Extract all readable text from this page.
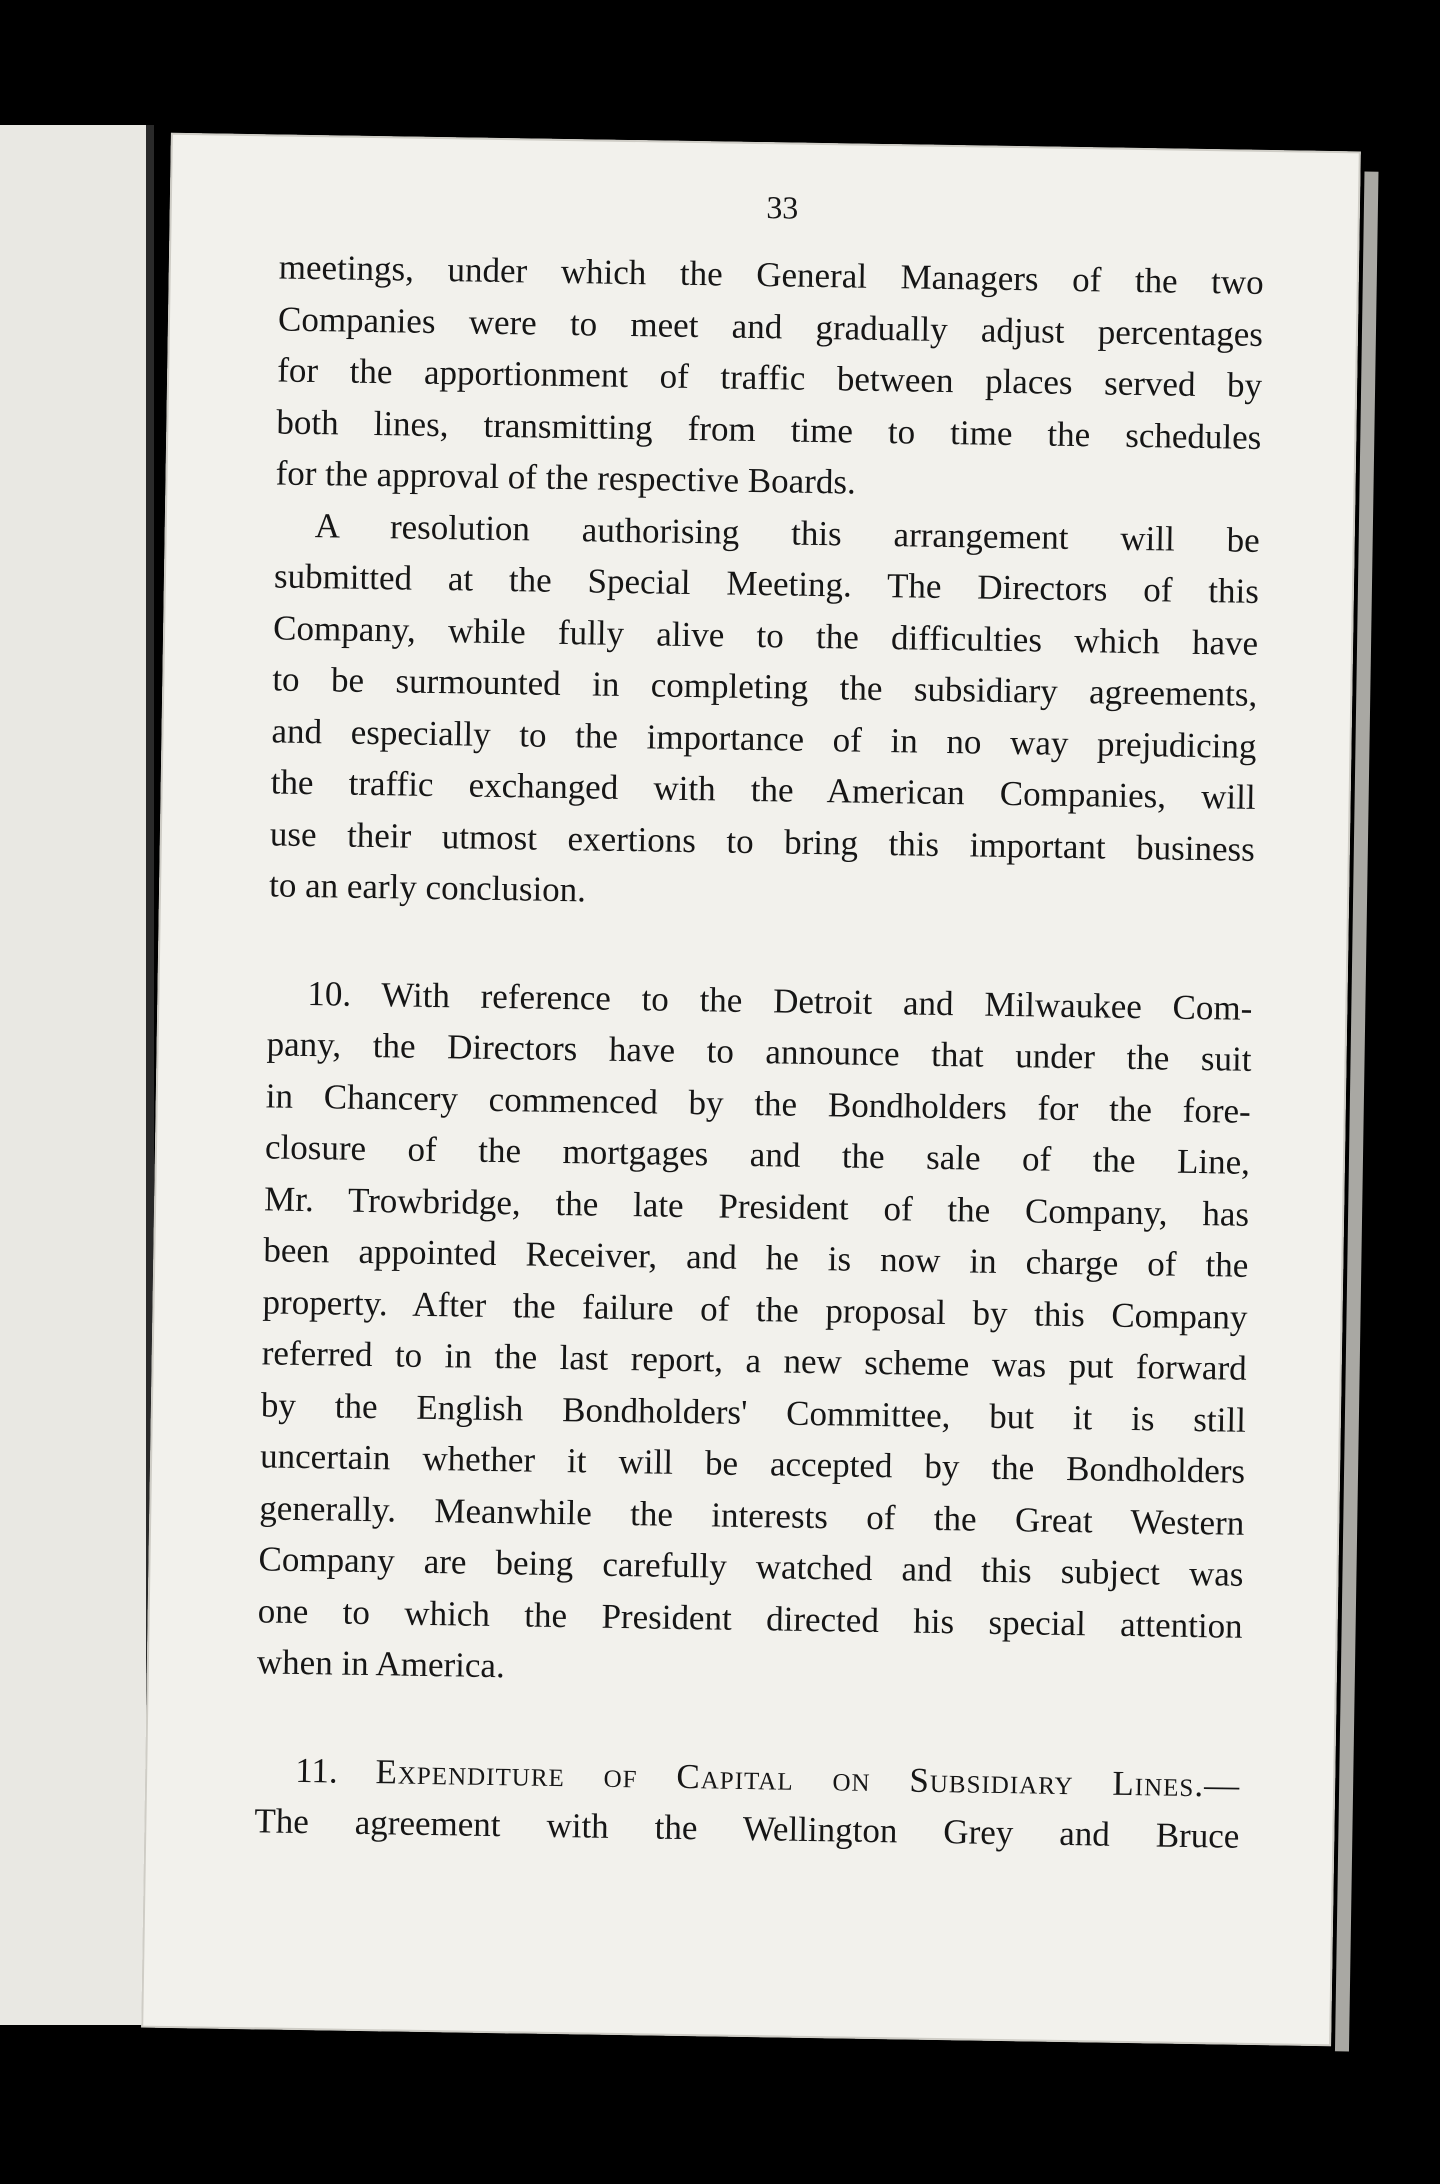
33
meetings, under which the General Managers of the two
Companies were to meet and gradually adjust percentages
for the apportionment of traffic between places served by
both lines, transmitting from time to time the schedules
for the approval of the respective Boards.
A resolution authorising this arrangement will be
submitted at the Special Meeting. The Directors of this
Company, while fully alive to the difficulties which have
to be surmounted in completing the subsidiary agreements,
and especially to the importance of in no way prejudicing
the traffic exchanged with the American Companies, will
use their utmost exertions to bring this important business
to an early conclusion.
10. With reference to the Detroit and Milwaukee Com-
pany, the Directors have to announce that under the suit
in Chancery commenced by the Bondholders for the fore-
closure of the mortgages and the sale of the Line,
Mr. Trowbridge, the late President of the Company, has
been appointed Receiver, and he is now in charge of the
property. After the failure of the proposal by this Company
referred to in the last report, a new scheme was put forward
by the English Bondholders' Committee, but it is still
uncertain whether it will be accepted by the Bondholders
generally. Meanwhile the interests of the Great Western
Company are being carefully watched and this subject was
one to which the President directed his special attention
when in America.
11. Expenditure of Capital on Subsidiary Lines.—
The agreement with the Wellington Grey and Bruce
